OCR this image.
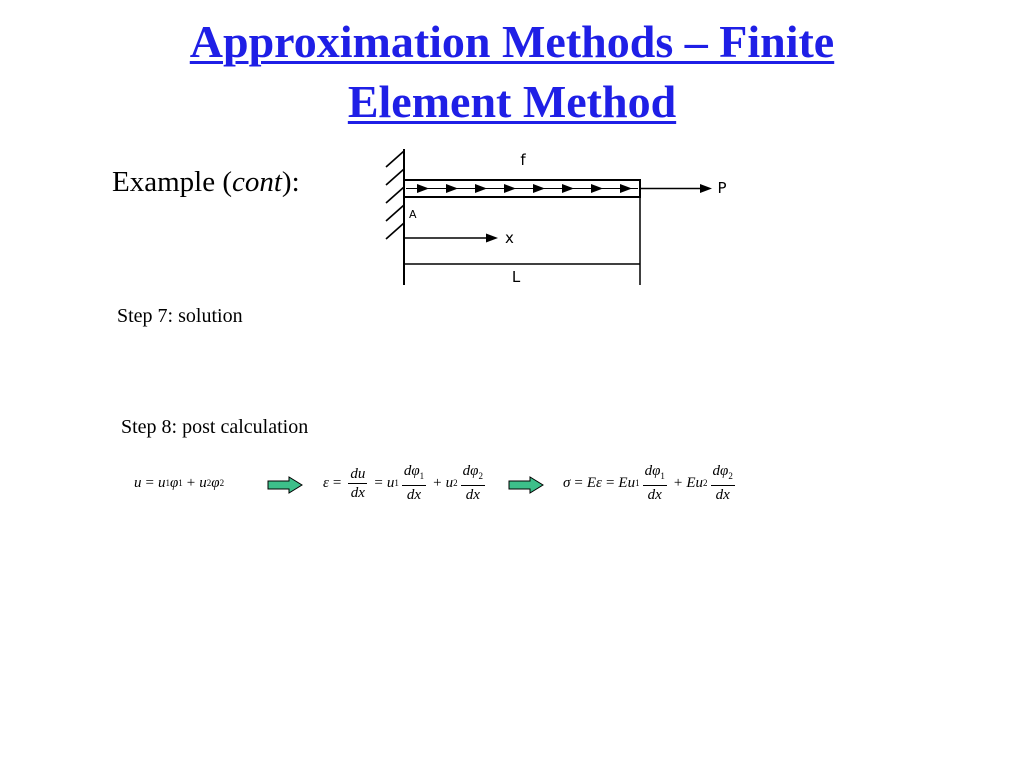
Approximation Methods – Finite
Element Method
Example (cont):
f
P
A
x
L
Step 7: solution
Step 8: post calculation
u = u 1 φ 1 + u 2 φ 2	$\varepsilon = \frac{du}{dx} = u$ $1 \frac{d\varphi_1}{dx} + u$ $2 \frac{d\varphi_2}{dx}$	σ = Eε = Eu $1 \frac{d\varphi_1}{dx} + Eu$ $2 \frac{d\varphi_2}{dx}$
